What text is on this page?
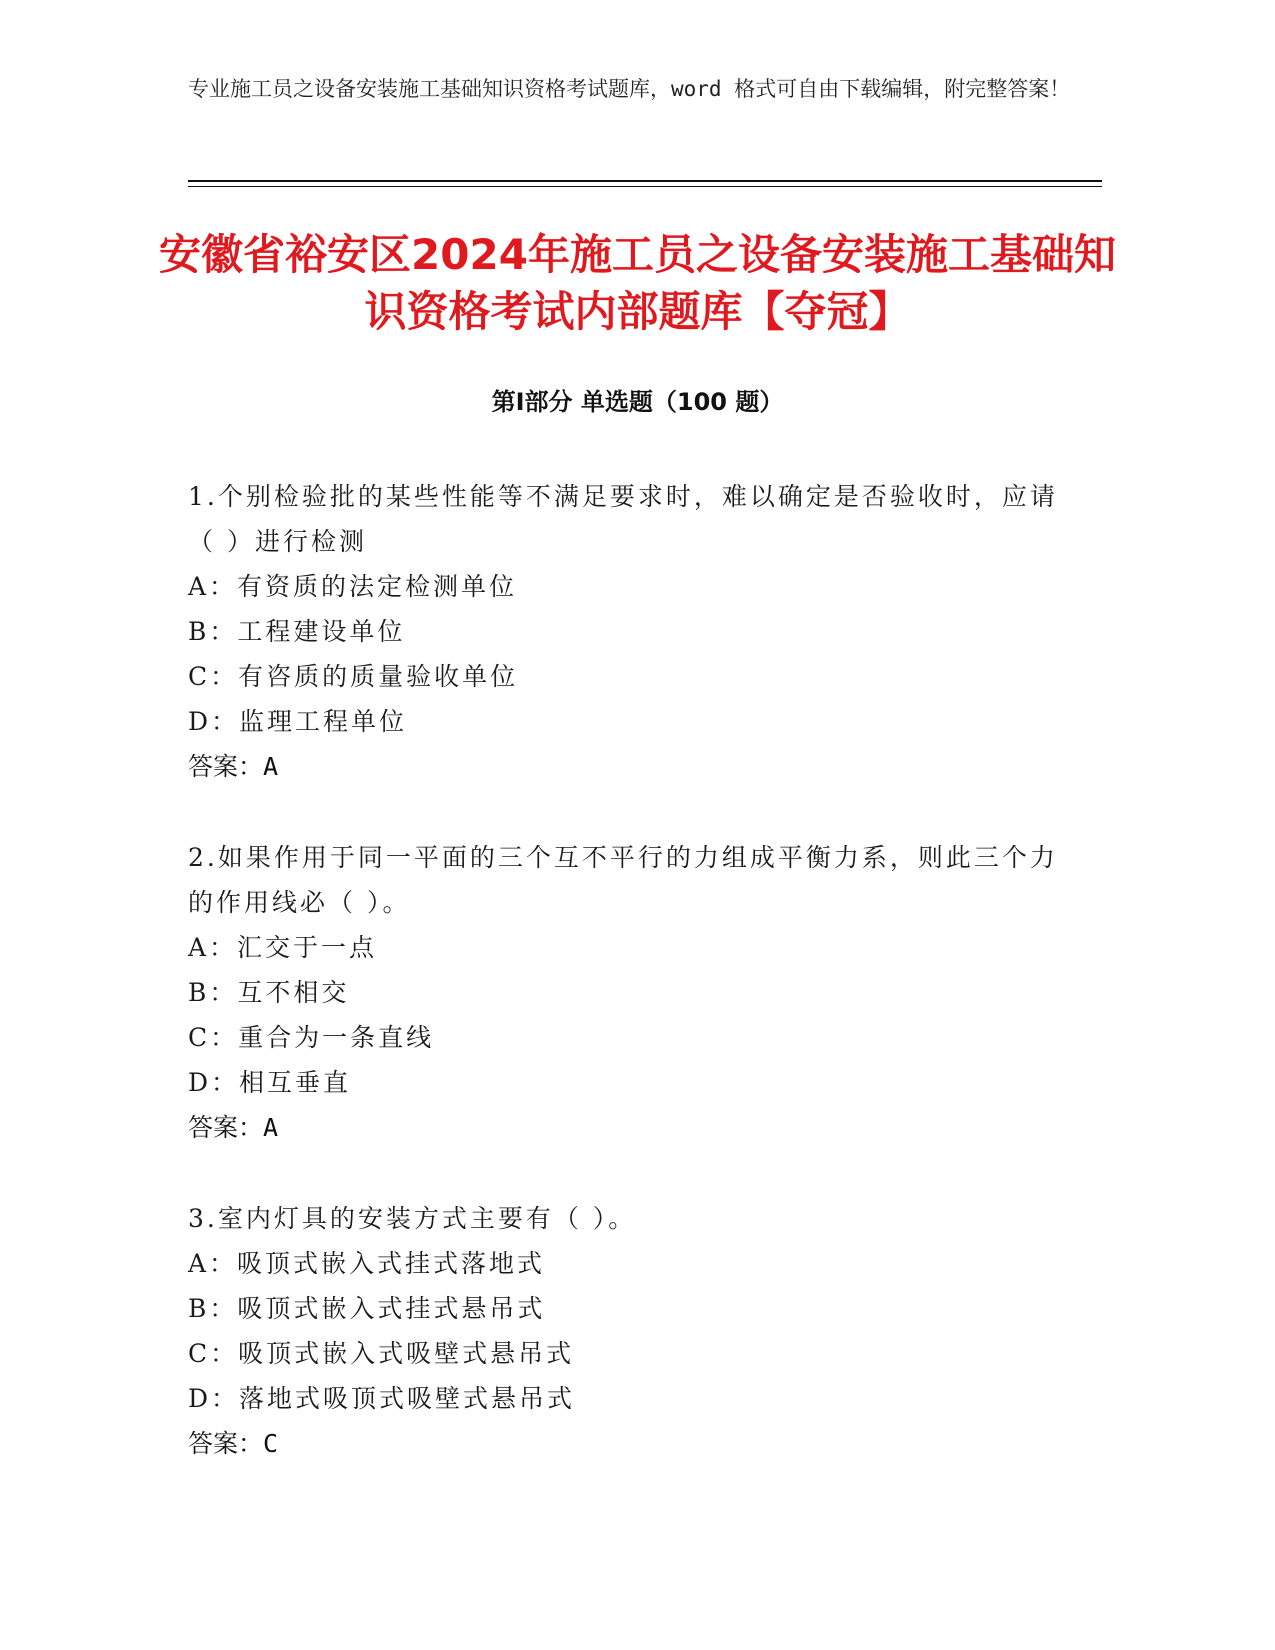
专业施工员之设备安装施工基础知识资格考试题库，word 格式可自由下载编辑，附完整答案！
安徽省裕安区2024年施工员之设备安装施工基础知识资格考试内部题库【夺冠】
第Ⅰ部分 单选题（100 题）
1.个别检验批的某些性能等不满足要求时，难以确定是否验收时，应请（ ）进行检测
A：有资质的法定检测单位
B：工程建设单位
C：有咨质的质量验收单位
D：监理工程单位
答案：A
2.如果作用于同一平面的三个互不平行的力组成平衡力系，则此三个力的作用线必（ ）。
A：汇交于一点
B：互不相交
C：重合为一条直线
D：相互垂直
答案：A
3.室内灯具的安装方式主要有（ ）。
A：吸顶式嵌入式挂式落地式
B：吸顶式嵌入式挂式悬吊式
C：吸顶式嵌入式吸壁式悬吊式
D：落地式吸顶式吸壁式悬吊式
答案：C
